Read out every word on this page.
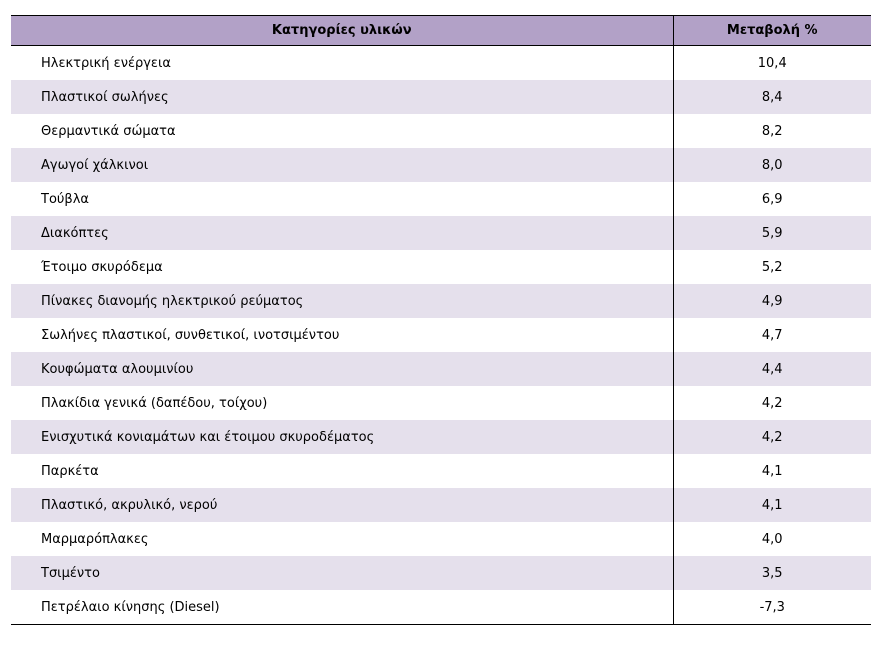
Κατηγορίες υλικών	Μεταβολή %
Ηλεκτρική ενέργεια	10,4
Πλαστικοί σωλήνες	8,4
Θερμαντικά σώματα	8,2
Αγωγοί χάλκινοι	8,0
Τούβλα	6,9
Διακόπτες	5,9
Έτοιμο σκυρόδεμα	5,2
Πίνακες διανομής ηλεκτρικού ρεύματος	4,9
Σωλήνες πλαστικοί, συνθετικοί, ινοτσιμέντου	4,7
Κουφώματα αλουμινίου	4,4
Πλακίδια γενικά (δαπέδου, τοίχου)	4,2
Ενισχυτικά κονιαμάτων και έτοιμου σκυροδέματος	4,2
Παρκέτα	4,1
Πλαστικό, ακρυλικό, νερού	4,1
Μαρμαρόπλακες	4,0
Τσιμέντο	3,5
Πετρέλαιο κίνησης (Diesel)	-7,3
